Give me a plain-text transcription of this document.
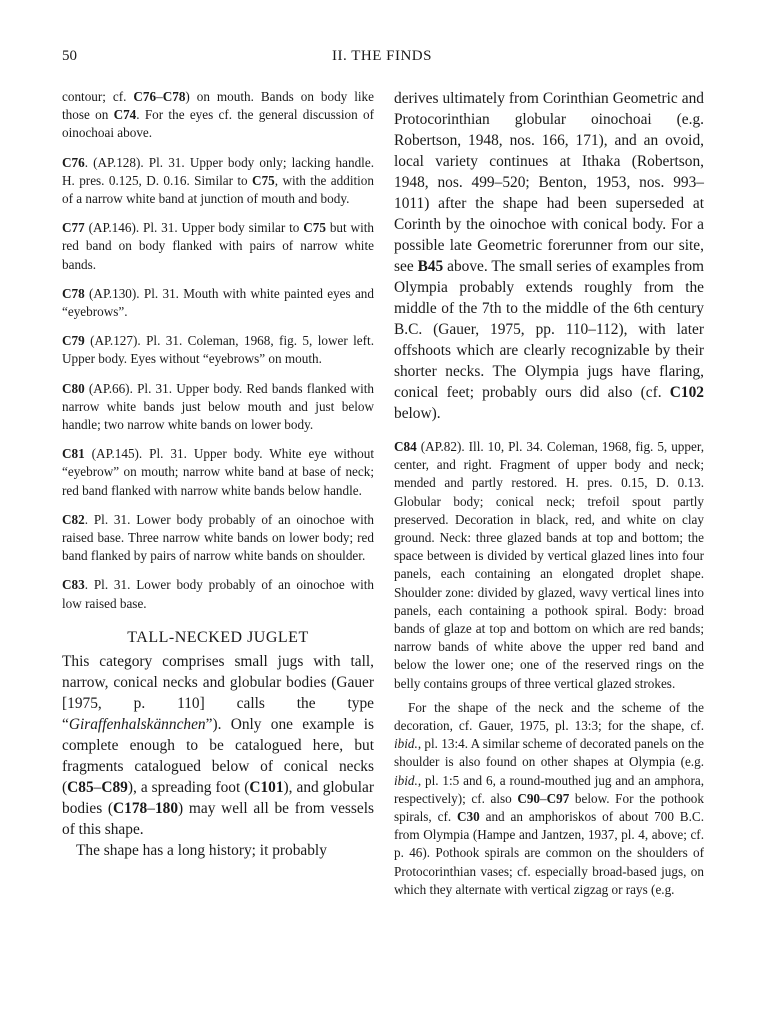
50	II. THE FINDS

contour; cf. C76–C78) on mouth. Bands on body like those on C74. For the eyes cf. the general discussion of oinochoai above.

C76. (AP.128). Pl. 31. Upper body only; lacking handle. H. pres. 0.125, D. 0.16. Similar to C75, with the addition of a narrow white band at junction of mouth and body.

C77 (AP.146). Pl. 31. Upper body similar to C75 but with red band on body flanked with pairs of narrow white bands.

C78 (AP.130). Pl. 31. Mouth with white painted eyes and “eyebrows”.

C79 (AP.127). Pl. 31. Coleman, 1968, fig. 5, lower left. Upper body. Eyes without “eyebrows” on mouth.

C80 (AP.66). Pl. 31. Upper body. Red bands flanked with narrow white bands just below mouth and just below handle; two narrow white bands on lower body.

C81 (AP.145). Pl. 31. Upper body. White eye without “eyebrow” on mouth; narrow white band at base of neck; red band flanked with narrow white bands below handle.

C82. Pl. 31. Lower body probably of an oinochoe with raised base. Three narrow white bands on lower body; red band flanked by pairs of narrow white bands on shoulder.

C83. Pl. 31. Lower body probably of an oinochoe with low raised base.

TALL-NECKED JUGLET

This category comprises small jugs with tall, narrow, conical necks and globular bodies (Gauer [1975, p. 110] calls the type “Giraffenhalskännchen”). Only one example is complete enough to be catalogued here, but fragments catalogued below of conical necks (C85–C89), a spreading foot (C101), and globular bodies (C178–180) may well all be from vessels of this shape.

The shape has a long history; it probably

derives ultimately from Corinthian Geometric and Protocorinthian globular oinochoai (e.g. Robertson, 1948, nos. 166, 171), and an ovoid, local variety continues at Ithaka (Robertson, 1948, nos. 499–520; Benton, 1953, nos. 993–1011) after the shape had been superseded at Corinth by the oinochoe with conical body. For a possible late Geometric forerunner from our site, see B45 above. The small series of examples from Olympia probably extends roughly from the middle of the 7th to the middle of the 6th century B.C. (Gauer, 1975, pp. 110–112), with later offshoots which are clearly recognizable by their shorter necks. The Olympia jugs have flaring, conical feet; probably ours did also (cf. C102 below).

C84 (AP.82). Ill. 10, Pl. 34. Coleman, 1968, fig. 5, upper, center, and right. Fragment of upper body and neck; mended and partly restored. H. pres. 0.15, D. 0.13. Globular body; conical neck; trefoil spout partly preserved. Decoration in black, red, and white on clay ground. Neck: three glazed bands at top and bottom; the space between is divided by vertical glazed lines into four panels, each containing an elongated droplet shape. Shoulder zone: divided by glazed, wavy vertical lines into panels, each containing a pothook spiral. Body: broad bands of glaze at top and bottom on which are red bands; narrow bands of white above the upper red band and below the lower one; one of the reserved rings on the belly contains groups of three vertical glazed strokes.

For the shape of the neck and the scheme of the decoration, cf. Gauer, 1975, pl. 13:3; for the shape, cf. ibid., pl. 13:4. A similar scheme of decorated panels on the shoulder is also found on other shapes at Olympia (e.g. ibid., pl. 1:5 and 6, a round-mouthed jug and an amphora, respectively); cf. also C90–C97 below. For the pothook spirals, cf. C30 and an amphoriskos of about 700 B.C. from Olympia (Hampe and Jantzen, 1937, pl. 4, above; cf. p. 46). Pothook spirals are common on the shoulders of Protocorinthian vases; cf. especially broad-based jugs, on which they alternate with vertical zigzag or rays (e.g.
